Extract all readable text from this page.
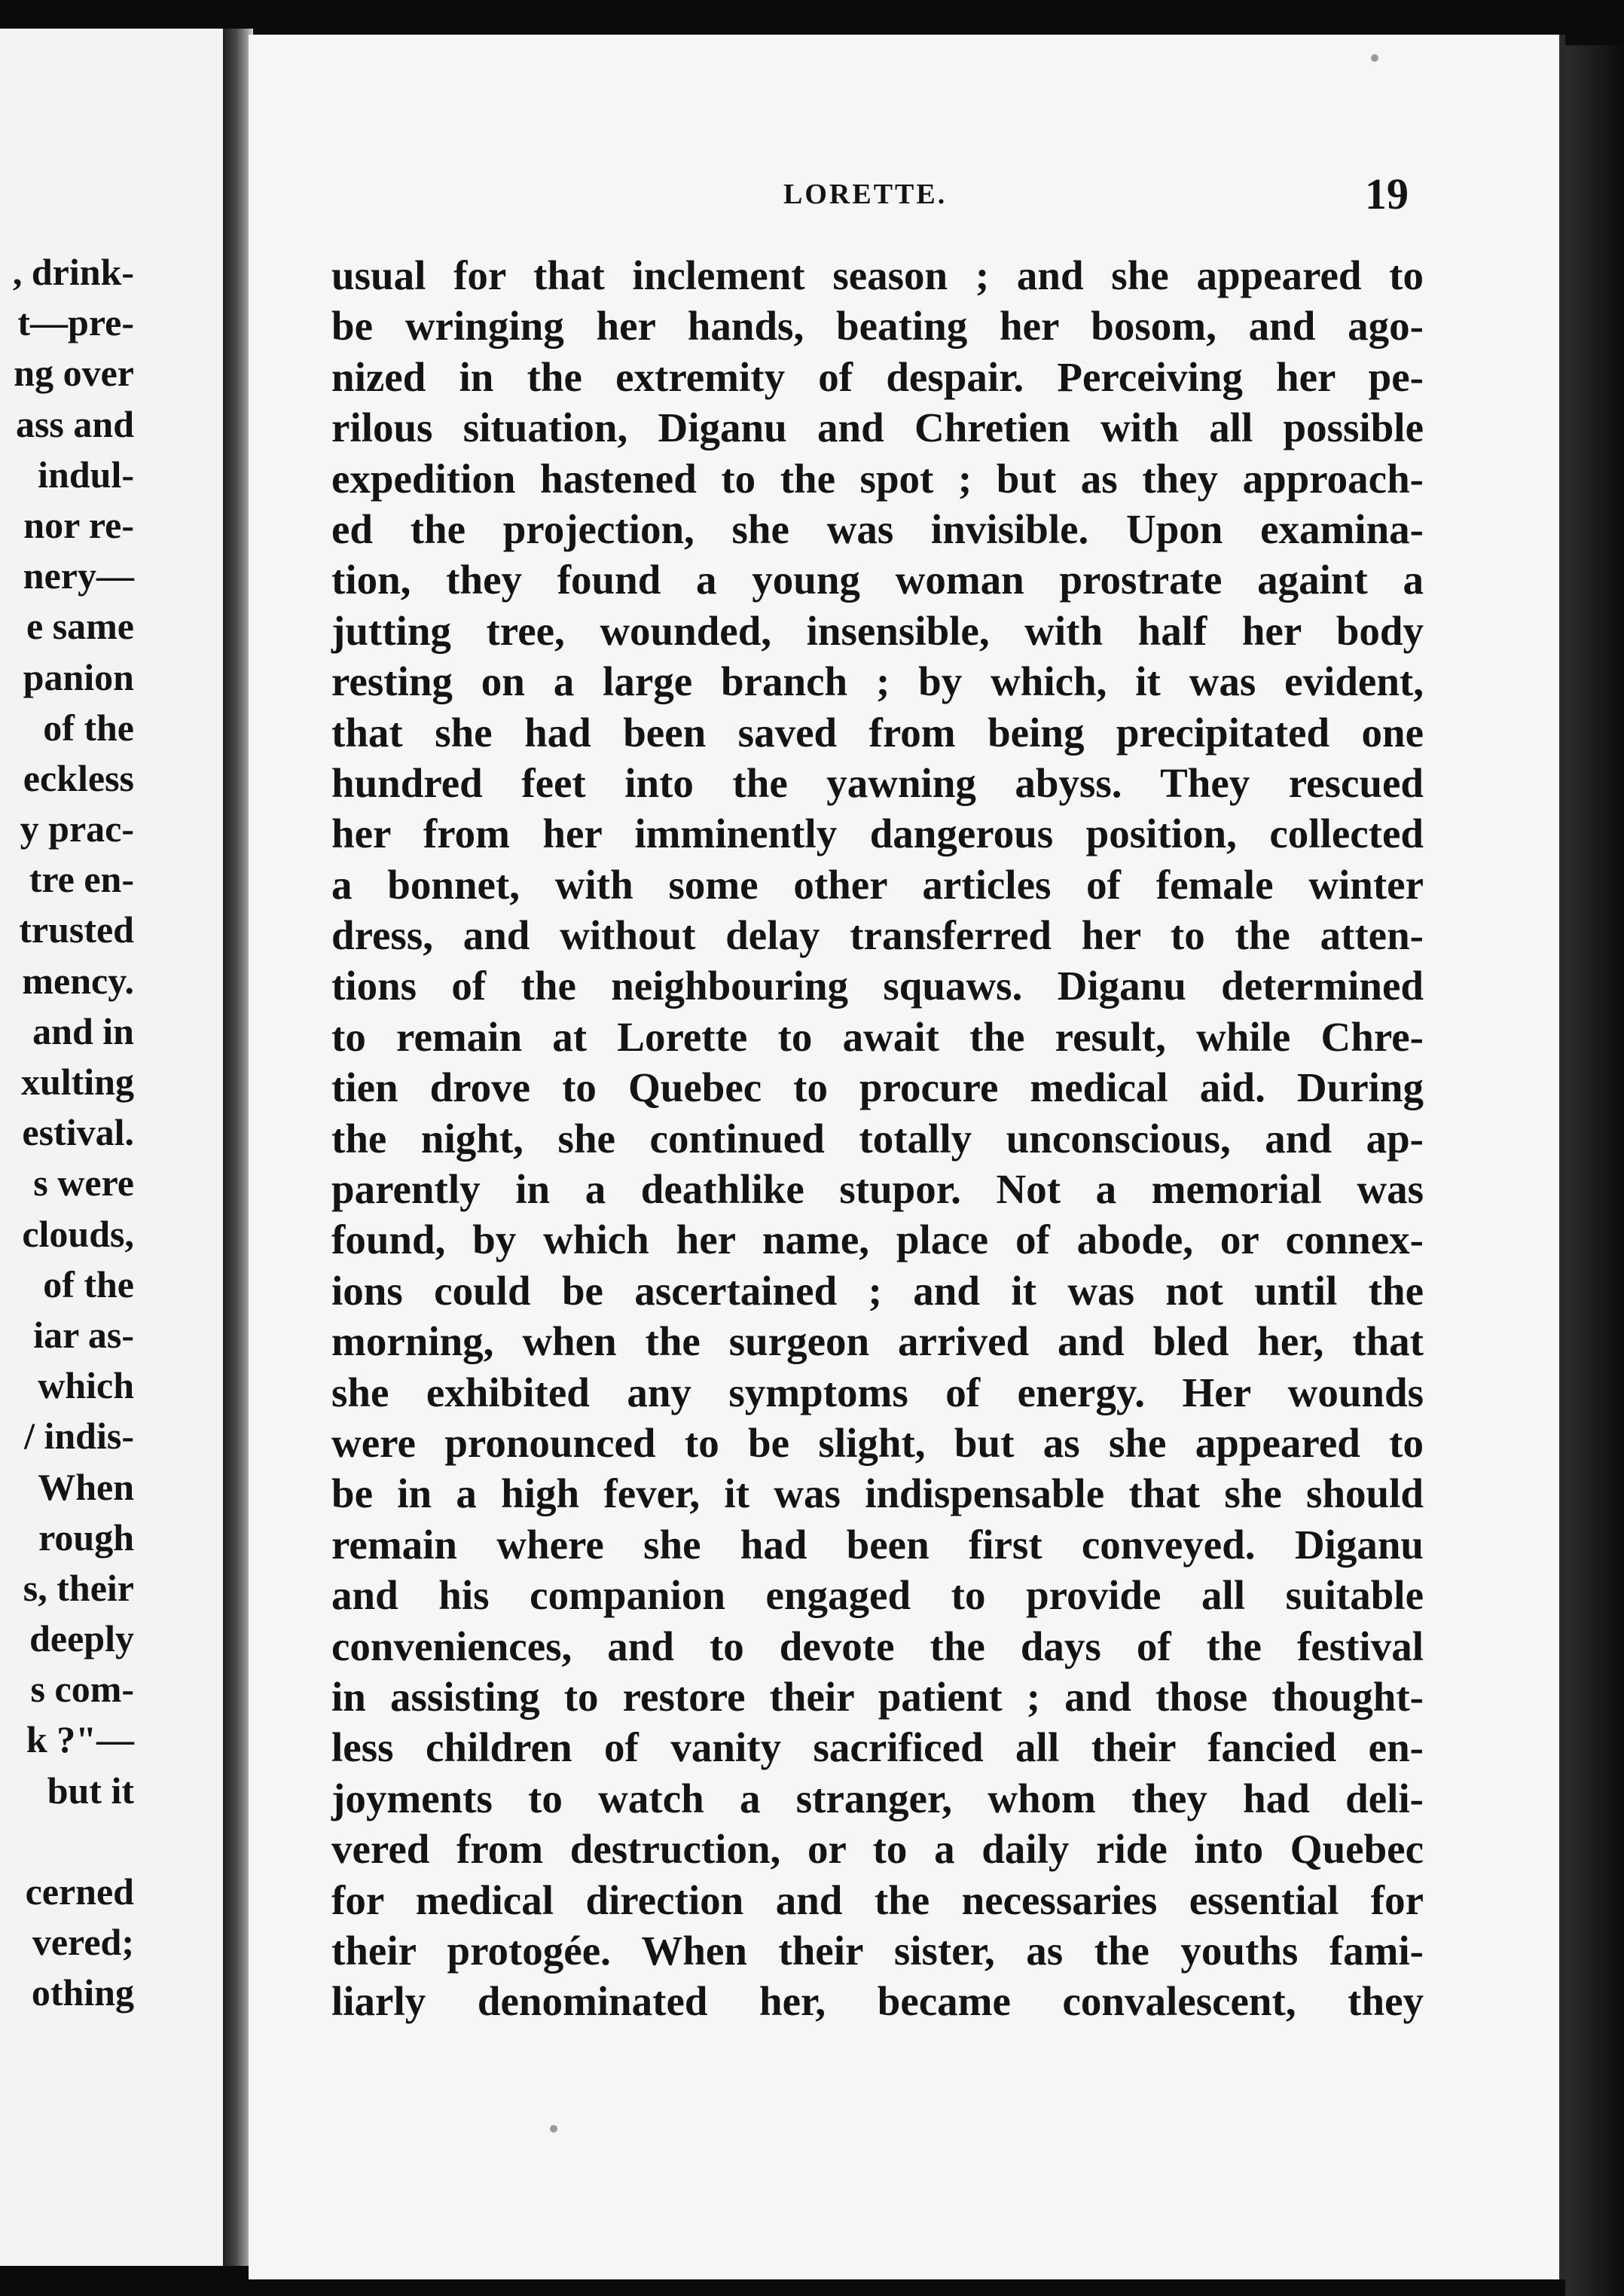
, drink-
t—pre-
ng over
ass and
indul-
nor re-
nery—
e same
panion
of the
eckless
y prac-
tre en-
trusted
mency.
and in
xulting
estival.
s were
clouds,
of the
iar as-
which
/ indis-
When
rough
s, their
deeply
s com-
k ?"—
but it
cerned
vered;
othing
LORETTE.	19
usual for that inclement season ; and she appeared to
be wringing her hands, beating her bosom, and ago-
nized in the extremity of despair. Perceiving her pe-
rilous situation, Diganu and Chretien with all possible
expedition hastened to the spot ; but as they approach-
ed the projection, she was invisible. Upon examina-
tion, they found a young woman prostrate againt a
jutting tree, wounded, insensible, with half her body
resting on a large branch ; by which, it was evident,
that she had been saved from being precipitated one
hundred feet into the yawning abyss. They rescued
her from her imminently dangerous position, collected
a bonnet, with some other articles of female winter
dress, and without delay transferred her to the atten-
tions of the neighbouring squaws. Diganu determined
to remain at Lorette to await the result, while Chre-
tien drove to Quebec to procure medical aid. During
the night, she continued totally unconscious, and ap-
parently in a deathlike stupor. Not a memorial was
found, by which her name, place of abode, or connex-
ions could be ascertained ; and it was not until the
morning, when the surgeon arrived and bled her, that
she exhibited any symptoms of energy. Her wounds
were pronounced to be slight, but as she appeared to
be in a high fever, it was indispensable that she should
remain where she had been first conveyed. Diganu
and his companion engaged to provide all suitable
conveniences, and to devote the days of the festival
in assisting to restore their patient ; and those thought-
less children of vanity sacrificed all their fancied en-
joyments to watch a stranger, whom they had deli-
vered from destruction, or to a daily ride into Quebec
for medical direction and the necessaries essential for
their protogée. When their sister, as the youths fami-
liarly denominated her, became convalescent, they
